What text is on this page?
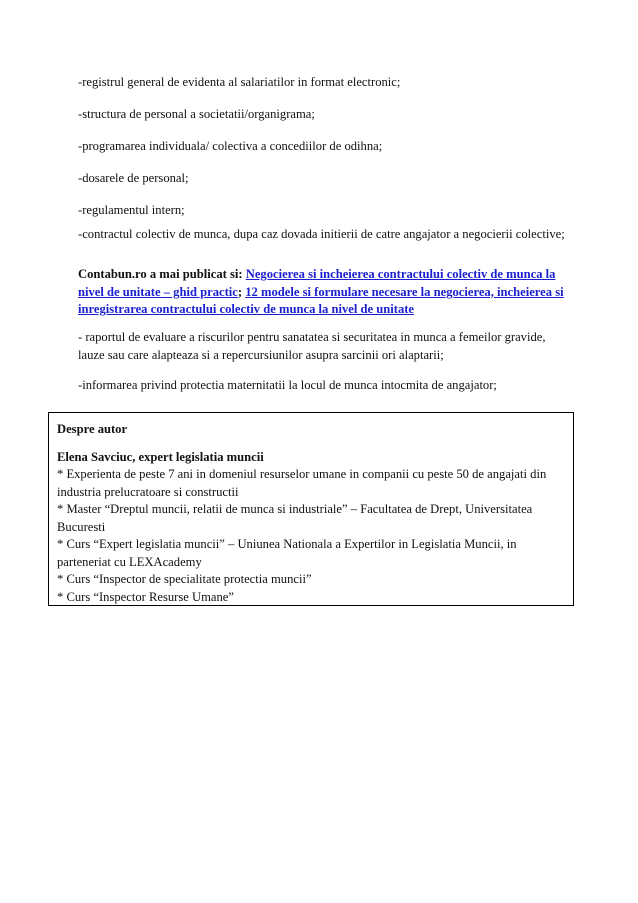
-registrul general de evidenta al salariatilor in format electronic;

-structura de personal a societatii/organigrama;

-programarea individuala/ colectiva a concediilor de odihna;

-dosarele de personal;

-regulamentul intern;

-contractul colectiv de munca, dupa caz dovada initierii de catre angajator a negocierii colective;

Contabun.ro a mai publicat si: Negocierea si incheierea contractului colectiv de munca la nivel de unitate – ghid practic; 12 modele si formulare necesare la negocierea, incheierea si inregistrarea contractului colectiv de munca la nivel de unitate

- raportul de evaluare a riscurilor pentru sanatatea si securitatea in munca a femeilor gravide, lauze sau care alapteaza si a repercursiunilor asupra sarcinii ori alaptarii;

-informarea privind protectia maternitatii la locul de munca intocmita de angajator;

Despre autor

Elena Savciuc, expert legislatia muncii

* Experienta de peste 7 ani in domeniul resurselor umane in companii cu peste 50 de angajati din industria prelucratoare si constructii

* Master “Dreptul muncii, relatii de munca si industriale” – Facultatea de Drept, Universitatea Bucuresti

* Curs “Expert legislatia muncii” – Uniunea Nationala a Expertilor in Legislatia Muncii, in parteneriat cu LEXAcademy

* Curs “Inspector de specialitate protectia muncii”

* Curs “Inspector Resurse Umane”
